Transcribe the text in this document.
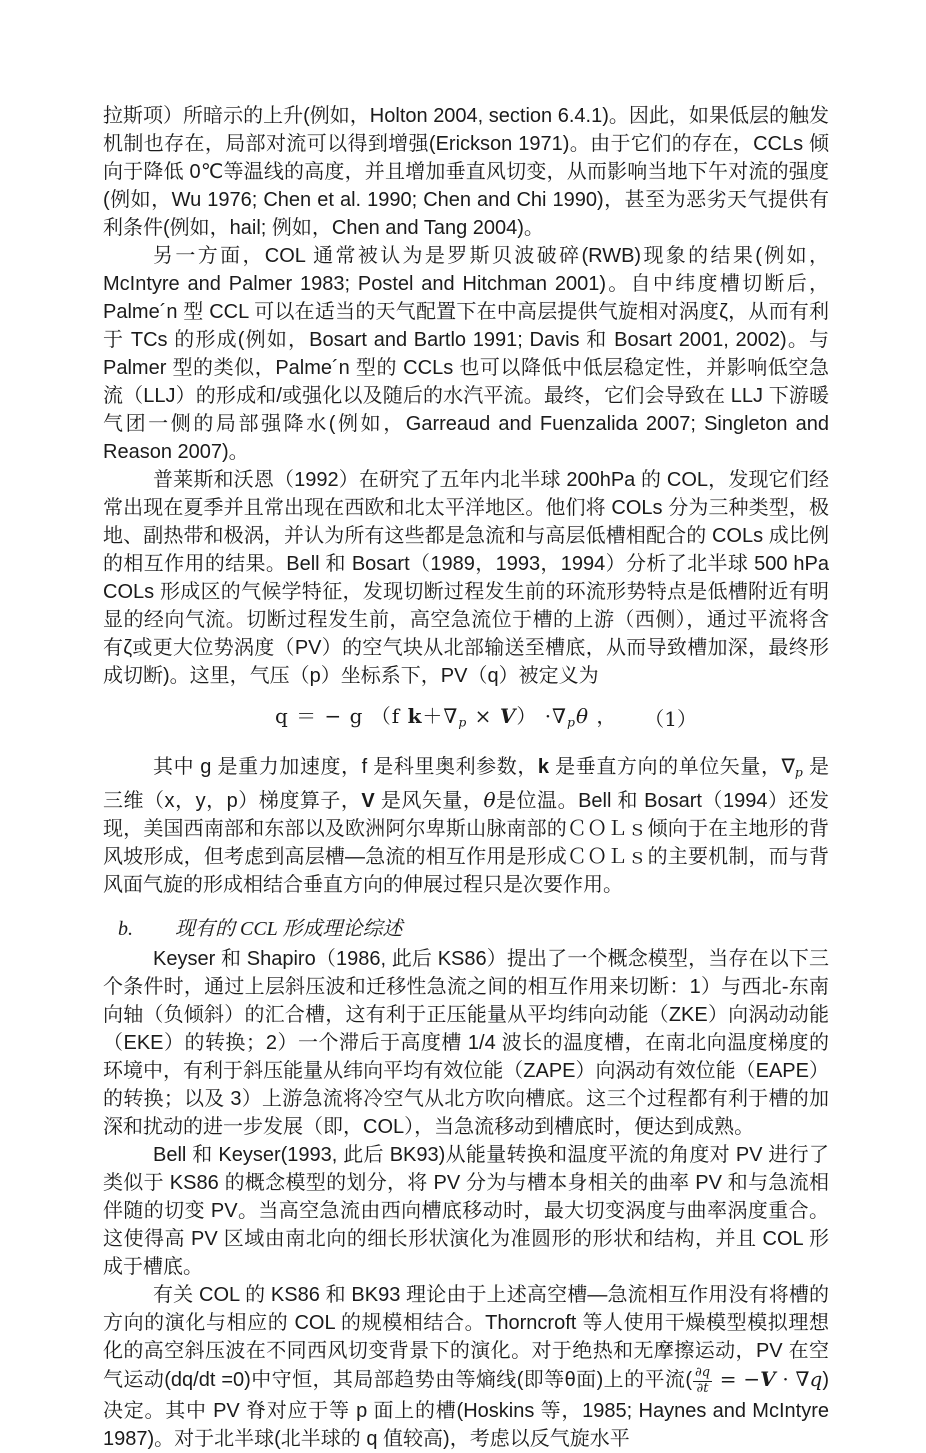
拉斯项）所暗示的上升(例如，Holton 2004, section 6.4.1)。因此，如果低层的触发机制也存在，局部对流可以得到增强(Erickson 1971)。由于它们的存在，CCLs 倾向于降低 0℃等温线的高度，并且增加垂直风切变，从而影响当地下午对流的强度(例如，Wu 1976; Chen et al. 1990; Chen and Chi 1990)，甚至为恶劣天气提供有利条件(例如，hail; 例如，Chen and Tang 2004)。

另一方面，COL 通常被认为是罗斯贝波破碎(RWB)现象的结果(例如，McIntyre and Palmer 1983; Postel and Hitchman 2001)。自中纬度槽切断后，Palme´n 型 CCL 可以在适当的天气配置下在中高层提供气旋相对涡度ζ，从而有利于 TCs 的形成(例如，Bosart and Bartlo 1991; Davis 和 Bosart 2001, 2002)。与 Palmer 型的类似，Palme´n 型的 CCLs 也可以降低中低层稳定性，并影响低空急流（LLJ）的形成和/或强化以及随后的水汽平流。最终，它们会导致在 LLJ 下游暖气团一侧的局部强降水(例如，Garreaud and Fuenzalida 2007; Singleton and Reason 2007)。

普莱斯和沃恩（1992）在研究了五年内北半球 200hPa 的 COL，发现它们经常出现在夏季并且常出现在西欧和北太平洋地区。他们将 COLs 分为三种类型，极地、副热带和极涡，并认为所有这些都是急流和与高层低槽相配合的 COLs 成比例的相互作用的结果。Bell 和 Bosart（1989，1993，1994）分析了北半球 500 hPa COLs 形成区的气候学特征，发现切断过程发生前的环流形势特点是低槽附近有明显的经向气流。切断过程发生前，高空急流位于槽的上游（西侧），通过平流将含有ζ或更大位势涡度（PV）的空气块从北部输送至槽底，从而导致槽加深，最终形成切断)。这里，气压（p）坐标系下，PV（q）被定义为

q ＝ − g （f k＋∇p × V） ·∇pθ ， （1）

其中 g 是重力加速度，f 是科里奥利参数，k 是垂直方向的单位矢量，∇p 是三维（x，y，p）梯度算子，V 是风矢量，θ是位温。Bell 和 Bosart（1994）还发现，美国西南部和东部以及欧洲阿尔卑斯山脉南部的ＣＯＬｓ倾向于在主地形的背风坡形成，但考虑到高层槽—急流的相互作用是形成ＣＯＬｓ的主要机制，而与背风面气旋的形成相结合垂直方向的伸展过程只是次要作用。

b. 现有的 CCL 形成理论综述

Keyser 和 Shapiro（1986, 此后 KS86）提出了一个概念模型，当存在以下三个条件时，通过上层斜压波和迁移性急流之间的相互作用来切断：1）与西北-东南向轴（负倾斜）的汇合槽，这有利于正压能量从平均纬向动能（ZKE）向涡动动能（EKE）的转换；2）一个滞后于高度槽 1/4 波长的温度槽，在南北向温度梯度的环境中，有利于斜压能量从纬向平均有效位能（ZAPE）向涡动有效位能（EAPE）的转换；以及 3）上游急流将冷空气从北方吹向槽底。这三个过程都有利于槽的加深和扰动的进一步发展（即，COL），当急流移动到槽底时，便达到成熟。

Bell 和 Keyser(1993, 此后 BK93)从能量转换和温度平流的角度对 PV 进行了类似于 KS86 的概念模型的划分，将 PV 分为与槽本身相关的曲率 PV 和与急流相伴随的切变 PV。当高空急流由西向槽底移动时，最大切变涡度与曲率涡度重合。这使得高 PV 区域由南北向的细长形状演化为准圆形的形状和结构，并且 COL 形成于槽底。

有关 COL 的 KS86 和 BK93 理论由于上述高空槽—急流相互作用没有将槽的方向的演化与相应的 COL 的规模相结合。Thorncroft 等人使用干燥模型模拟理想化的高空斜压波在不同西风切变背景下的演化。对于绝热和无摩擦运动，PV 在空气运动(dq/dt =0)中守恒，其局部趋势由等熵线(即等θ面)上的平流( $\frac{\partial q}{\partial t} = -V \cdot \nabla q$)决定。其中 PV 脊对应于等 p 面上的槽(Hoskins 等，1985; Haynes and McIntyre 1987)。对于北半球(北半球的 q 值较高)，考虑以反气旋水平
